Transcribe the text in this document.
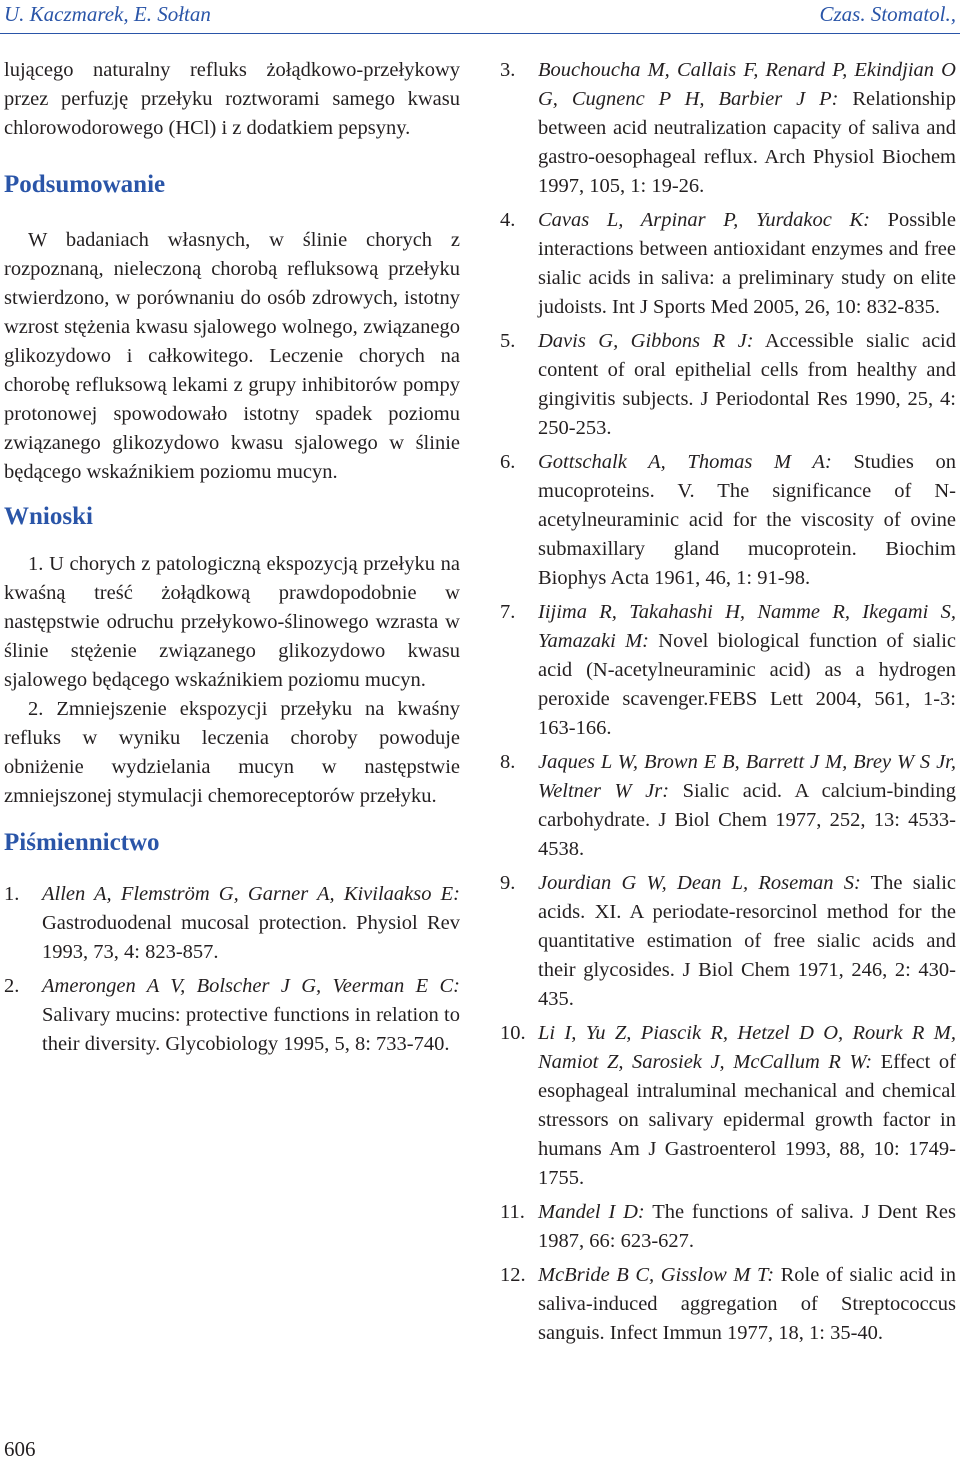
U. Kaczmarek, E. Sołtan	Czas. Stomatol.,

lującego naturalny refluks żołądkowo-przełykowy przez perfuzję przełyku roztworami samego kwasu chlorowodorowego (HCl) i z dodatkiem pepsyny.

Podsumowanie

W badaniach własnych, w ślinie chorych z rozpoznaną, nieleczoną chorobą refluksową przełyku stwierdzono, w porównaniu do osób zdrowych, istotny wzrost stężenia kwasu sjalowego wolnego, związanego glikozydowo i całkowitego. Leczenie chorych na chorobę refluksową lekami z grupy inhibitorów pompy protonowej spowodowało istotny spadek poziomu związanego glikozydowo kwasu sjalowego w ślinie będącego wskaźnikiem poziomu mucyn.

Wnioski

1. U chorych z patologiczną ekspozycją przełyku na kwaśną treść żołądkową prawdopodobnie w następstwie odruchu przełykowo-ślinowego wzrasta w ślinie stężenie związanego glikozydowo kwasu sjalowego będącego wskaźnikiem poziomu mucyn.

2. Zmniejszenie ekspozycji przełyku na kwaśny refluks w wyniku leczenia choroby powoduje obniżenie wydzielania mucyn w następstwie zmniejszonej stymulacji chemoreceptorów przełyku.

Piśmiennictwo
1. Allen A, Flemström G, Garner A, Kivilaakso E: Gastroduodenal mucosal protection. Physiol Rev 1993, 73, 4: 823-857.
2. Amerongen A V, Bolscher J G, Veerman E C: Salivary mucins: protective functions in relation to their diversity. Glycobiology 1995, 5, 8: 733-740.
3. Bouchoucha M, Callais F, Renard P, Ekindjian O G, Cugnenc P H, Barbier J P: Relationship between acid neutralization capacity of saliva and gastro-oesophageal reflux. Arch Physiol Biochem 1997, 105, 1: 19-26.
4. Cavas L, Arpinar P, Yurdakoc K: Possible interactions between antioxidant enzymes and free sialic acids in saliva: a preliminary study on elite judoists. Int J Sports Med 2005, 26, 10: 832-835.
5. Davis G, Gibbons R J: Accessible sialic acid content of oral epithelial cells from healthy and gingivitis subjects. J Periodontal Res 1990, 25, 4: 250-253.
6. Gottschalk A, Thomas M A: Studies on mucoproteins. V. The significance of N-acetylneuraminic acid for the viscosity of ovine submaxillary gland mucoprotein. Biochim Biophys Acta 1961, 46, 1: 91-98.
7. Iijima R, Takahashi H, Namme R, Ikegami S, Yamazaki M: Novel biological function of sialic acid (N-acetylneuraminic acid) as a hydrogen peroxide scavenger.FEBS Lett 2004, 561, 1-3: 163-166.
8. Jaques L W, Brown E B, Barrett J M, Brey W S Jr, Weltner W Jr: Sialic acid. A calcium-binding carbohydrate. J Biol Chem 1977, 252, 13: 4533-4538.
9. Jourdian G W, Dean L, Roseman S: The sialic acids. XI. A periodate-resorcinol method for the quantitative estimation of free sialic acids and their glycosides. J Biol Chem 1971, 246, 2: 430-435.
10. Li I, Yu Z, Piascik R, Hetzel D O, Rourk R M, Namiot Z, Sarosiek J, McCallum R W: Effect of esophageal intraluminal mechanical and chemical stressors on salivary epidermal growth factor in humans Am J Gastroenterol 1993, 88, 10: 1749-1755.
11. Mandel I D: The functions of saliva. J Dent Res 1987, 66: 623-627.
12. McBride B C, Gisslow M T: Role of sialic acid in saliva-induced aggregation of Streptococcus sanguis. Infect Immun 1977, 18, 1: 35-40.
606
